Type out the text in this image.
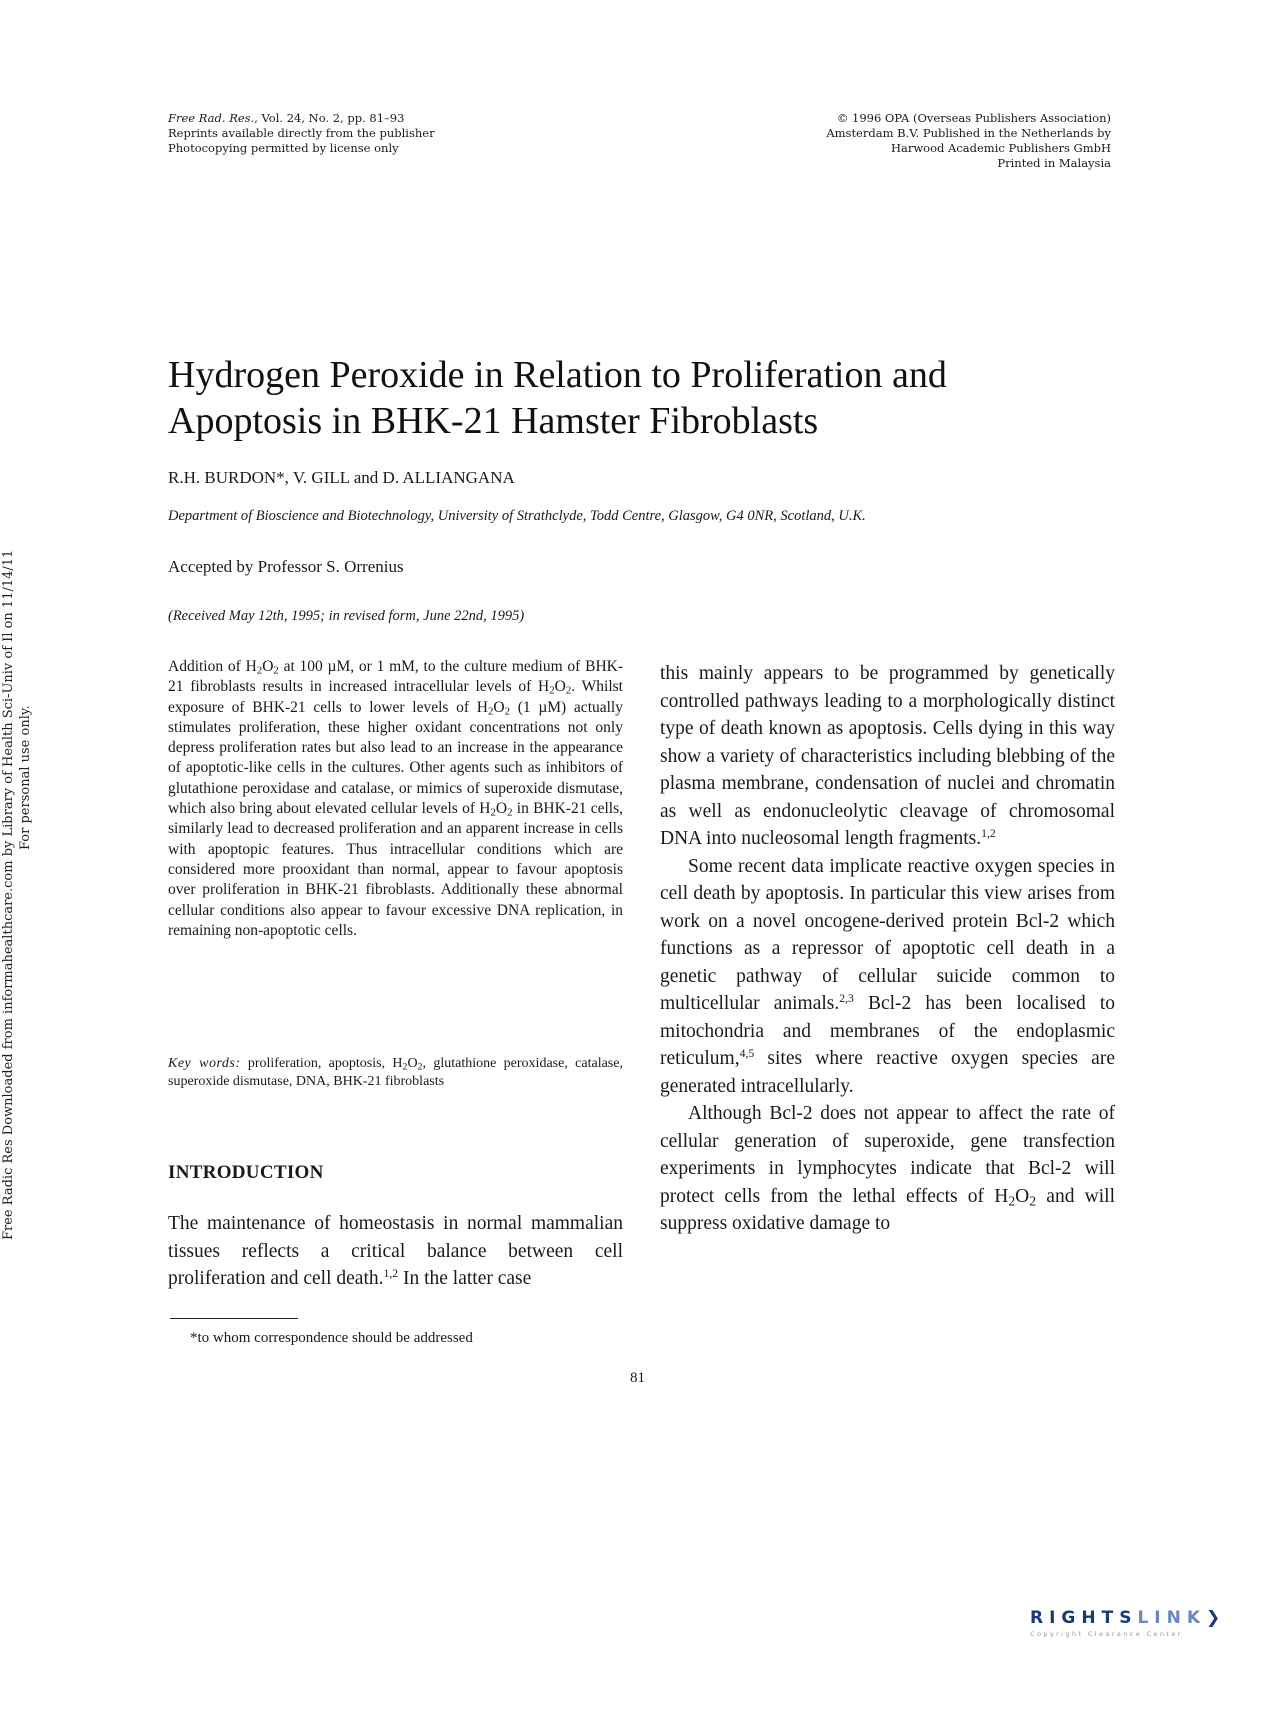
Free Rad. Res., Vol. 24, No. 2, pp. 81–93
Reprints available directly from the publisher
Photocopying permitted by license only
© 1996 OPA (Overseas Publishers Association)
Amsterdam B.V. Published in the Netherlands by
Harwood Academic Publishers GmbH
Printed in Malaysia
Free Radic Res Downloaded from informahealthcare.com by Library of Health Sci-Univ of Il on 11/14/11 For personal use only.
Hydrogen Peroxide in Relation to Proliferation and
Apoptosis in BHK-21 Hamster Fibroblasts
R.H. BURDON*, V. GILL and D. ALLIANGANA
Department of Bioscience and Biotechnology, University of Strathclyde, Todd Centre, Glasgow, G4 0NR, Scotland, U.K.
Accepted by Professor S. Orrenius
(Received May 12th, 1995; in revised form, June 22nd, 1995)
Addition of $H_2O_2$ at 100 µM, or 1 mM, to the culture medium of BHK-21 fibroblasts results in increased intracellular levels of $H_2O_2$. Whilst exposure of BHK-21 cells to lower levels of $H_2O_2$ (1 µM) actually stimulates proliferation, these higher oxidant concentrations not only depress proliferation rates but also lead to an increase in the appearance of apoptotic-like cells in the cultures. Other agents such as inhibitors of glutathione peroxidase and catalase, or mimics of superoxide dismutase, which also bring about elevated cellular levels of $H_2O_2$ in BHK-21 cells, similarly lead to decreased proliferation and an apparent increase in cells with apoptopic features. Thus intracellular conditions which are considered more prooxidant than normal, appear to favour apoptosis over proliferation in BHK-21 fibroblasts. Additionally these abnormal cellular conditions also appear to favour excessive DNA replication, in remaining non-apoptotic cells.
Key words: proliferation, apoptosis, $H_2O_2$, glutathione peroxidase, catalase, superoxide dismutase, DNA, BHK-21 fibroblasts
INTRODUCTION

The maintenance of homeostasis in normal mammalian tissues reflects a critical balance between cell proliferation and cell death.$^{1,2}$ In the latter case

this mainly appears to be programmed by genetically controlled pathways leading to a morphologically distinct type of death known as apoptosis. Cells dying in this way show a variety of characteristics including blebbing of the plasma membrane, condensation of nuclei and chromatin as well as endonucleolytic cleavage of chromosomal DNA into nucleosomal length fragments.$^{1,2}$

Some recent data implicate reactive oxygen species in cell death by apoptosis. In particular this view arises from work on a novel oncogene-derived protein Bcl-2 which functions as a repressor of apoptotic cell death in a genetic pathway of cellular suicide common to multicellular animals.$^{2,3}$ Bcl-2 has been localised to mitochondria and membranes of the endoplasmic reticulum,$^{4,5}$ sites where reactive oxygen species are generated intracellularly.

Although Bcl-2 does not appear to affect the rate of cellular generation of superoxide, gene transfection experiments in lymphocytes indicate that Bcl-2 will protect cells from the lethal effects of $H_2O_2$ and will suppress oxidative damage to

*to whom correspondence should be addressed
81
RIGHTSLINK❯
Copyright Clearance Center
